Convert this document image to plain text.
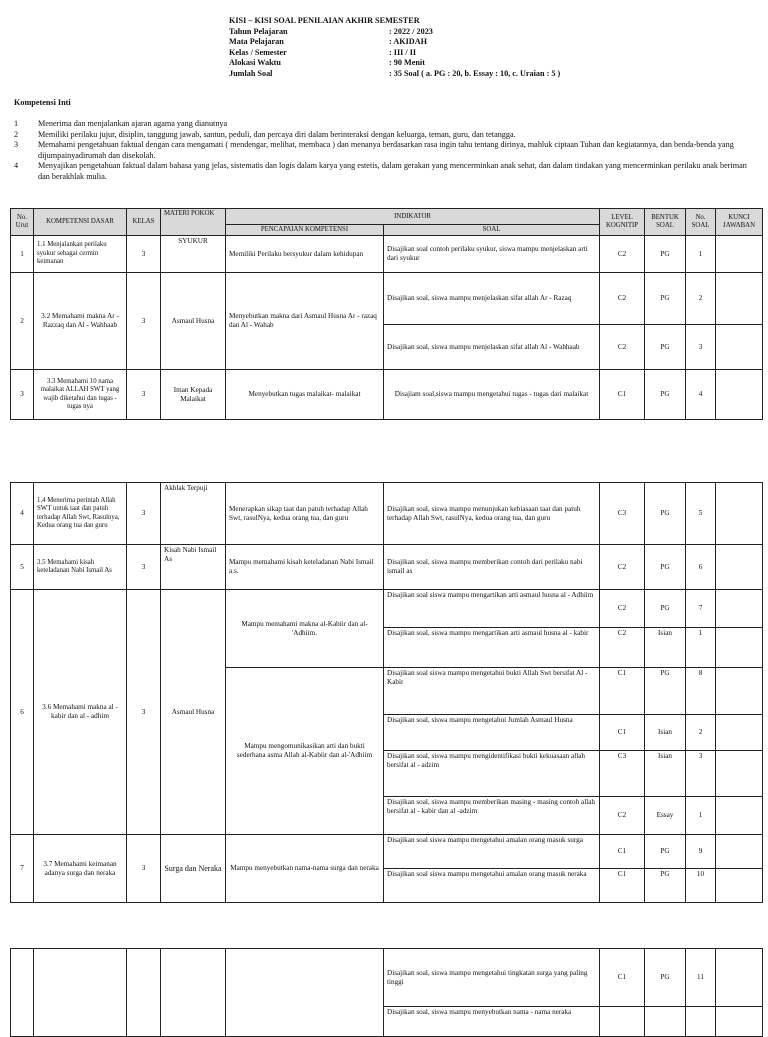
KISI – KISI SOAL PENILAIAN AKHIR SEMESTER
Tahun Pelajaran	: 2022 / 2023
Mata Pelajaran	: AKIDAH
Kelas / Semester	: III / II
Alokasi Waktu	: 90 Menit
Jumlah Soal	: 35 Soal ( a. PG : 20, b. Essay : 10, c. Uraian : 5 )
Kompetensi Inti
1	Menerima dan menjalankan ajaran agama yang dianutnya
2	Memiliki perilaku jujur, disiplin, tanggung jawab, santun, peduli, dan percaya diri dalam berinteraksi dengan keluarga, teman, guru, dan tetangga.
3	Memahami pengetahuan faktual dengan cara mengamati ( mendengar, melihat, membaca ) dan menanya berdasarkan rasa ingin tahu tentang dirinya, mahluk ciptaan Tuhan dan kegiatannya, dan benda-benda yang dijumpainyadirumah dan disekolah.
4	Menyajikan pengetahuan faktual dalam bahasa yang jelas, sistematis dan logis dalam karya yang estetis, dalam gerakan yang mencerminkan anak sehat, dan dalam tindakan yang mencerminkan perilaku anak beriman dan berakhlak mulia.
No. Urut	KOMPETENSI DASAR	KELAS	MATERI POKOK	INDIKATOR		LEVEL KOGNITIP	BENTUK SOAL	No. SOAL	KUNCI JAWABAN
				PENCAPAIAN KOMPETENSI	SOAL				
1	1.1 Menjalankan perilaku syukur sebagai cermin keimanan	3	SYUKUR	Memiliki Perilaku bersyukur dalam kehidupan	Disajikan soal contoh perilaku syukur, siswa mampu menjelaskan arti dari syukur	C2	PG	1	
2	3.2 Memahami makna Ar - Razzaq dan Al - Wahhaab	3	Asmaul Husna	Menyebutkan makna dari Asmaul Husna Ar - razaq dan Al - Wahab	Disajikan soal, siswa mampu menjelaskan sifat allah Ar - Razaq	C2	PG	2	
					Disajikan soal, siswa mampu menjelaskan sifat allah Al - Wahhaab	C2	PG	3	
3	3.3 Memahami 10 nama malaikat ALLAH SWT yang wajib diketahui dan tugas - tugas nya	3	Iman Kepada Malaikat	Menyebutkan tugas malaikat- malaikat	Disajiam soal,siswa mampu mengetahui tugas - tugas dari malaikat	C1	PG	4	
4	1.4 Menerima perintah Allah SWT untuk taat dan patuh terhadap Allah Swt, Rasulnya, Kedua orang tua dan guru	3	Akhlak Terpuji	Menerapkan sikap taat dan patuh terhadap Allah Swt, rasulNya, kedua orang tua, dan guru	Disajikan soal, siswa mampu menunjukan kebiasaan taat dan patuh terhadap Allah Swt, rasulNya, kedua orang tua, dan guru	C3	PG	5	
5	3.5 Memahami kisah keteladanan Nabi Ismail As	3	Kisah Nabi Ismail As	Mampu memahami kisah keteladanan Nabi Ismail a.s.	Disajikan soal, siswa mampu memberikan contoh dari perilaku nabi ismail as	C2	PG	6	
6	3.6 Memahami makna al - kabir dan al - adhim	3	Asmaul Husna	Mampu memahami makna al-Kabiir dan al-'Adhiim.	Disajikan soal siswa mampu mengartikan arti asmaul husna al - Adhiim	C2	PG	7	
					Disajikan soal, siswa mampu mengartikan arti asmaul husna al - kabir	C2	Isian	1	
				Mampu mengomunikasikan arti dan bukti sederhana asma Allah al-Kabiir dan al-'Adhiim	Disajikan soal siswa mampu mengetahui bukti Allah Swt bersifat Al - Kabir	C1	PG	8	
					Disajikan soal, siswa mampu mengetahui Jumlah Asmaul Husna	C1	Isian	2	
					Disajikan soal, siswa mampu mengidentifikasi bukti kekuasaan allah bersifat al - adzim	C3	Isian	3	
					Disajikan soal, siswa mampu memberikan masing - masing contoh allah bersifat al - kabir dan al -adzim	C2	Essay	1	
7	3.7 Memahami keimanan adanya surga dan neraka	3	Surga dan Neraka	Mampu menyebutkan nama-nama surga dan neraka	Disajikan soal siswa mampu mengetahui amalan orang masuk surga	C1	PG	9	
					Disajikan soal siswa mampu mengetahui amalan orang masuk neraka	C1	PG	10	
					Disajikan soal, siswa mampu mengetahui tingkatan surga yang paling tinggi	C1	PG	11	
					Disajikan soal, siswa mampu menyebutkan nama - nama neraka				
